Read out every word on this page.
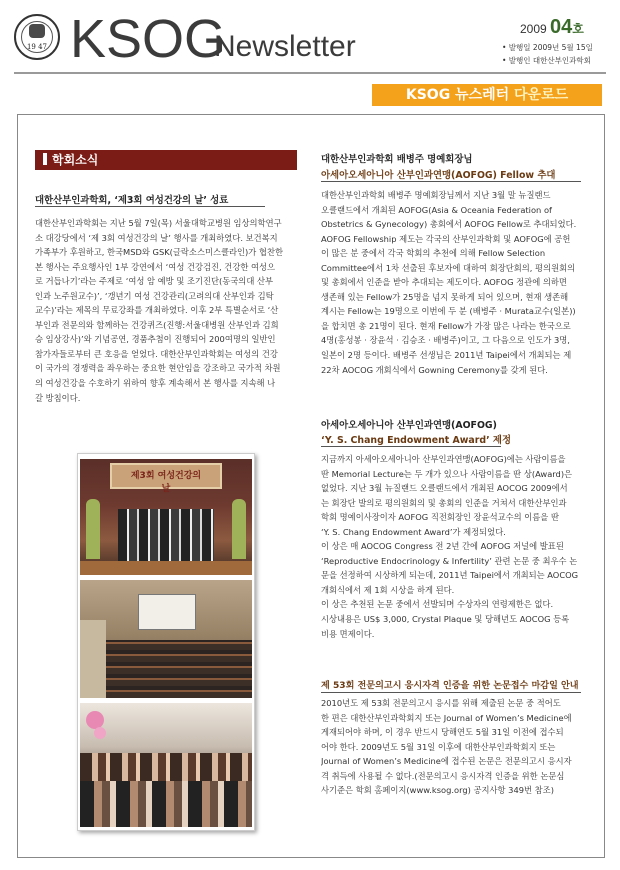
19 47 KSOG
Newsletter
2009 04호
• 발행일 2009년 5월 15일
• 발행인 대한산부인과학회
KSOG 뉴스레터 다운로드
학회소식
대한산부인과학회, ‘제3회 여성건강의 날’ 성료
대한산부인과학회는 지난 5월 7일(목) 서울대학교병원 임상의학연구
소 대강당에서 ‘제 3회 여성건강의 날’ 행사를 개최하였다. 보건복지
가족부가 후원하고, 한국MSD와 GSK(글락소스미스클라인)가 협찬한
본 행사는 주요행사인 1부 강연에서 ‘여성 건강검진, 건강한 여성으
로 거듭나기’라는 주제로 ‘여성 암 예방 및 조기진단(동국의대 산부
인과 노주원교수)’, ‘갱년기 여성 건강관리(고려의대 산부인과 김탁
교수)’라는 제목의 무료강좌를 개최하였다. 이후 2부 특별순서로 ‘산
부인과 전문의와 함께하는 건강퀴즈(진행:서울대병원 산부인과 김희
승 임상강사)’와 기념공연, 경품추첨이 진행되어 200여명의 일반인
참가자들로부터 큰 호응을 얻었다. 대한산부인과학회는 여성의 건강
이 국가의 경쟁력을 좌우하는 중요한 현안임을 강조하고 국가적 차원
의 여성건강을 수호하기 위하여 향후 계속해서 본 행사를 지속해 나
갈 방침이다.
제3회 여성건강의 날
대한산부인과학회 배병주 명예회장님
아세아오세아니아 산부인과연맹(AOFOG) Fellow 추대
대한산부인과학회 배병주 명예회장님께서 지난 3월 말 뉴질랜드
오클랜드에서 개최된 AOFOG(Asia & Oceania Federation of
Obstetrics & Gynecology) 총회에서 AOFOG Fellow로 추대되었다.
AOFOG Fellowship 제도는 각국의 산부인과학회 및 AOFOG에 공헌
이 많은 분 중에서 각국 학회의 추천에 의해 Fellow Selection
Committee에서 1차 선출된 후보자에 대하여 회장단회의, 평의원회의
및 총회에서 인준을 받아 추대되는 제도이다. AOFOG 정관에 의하면
생존해 있는 Fellow가 25명을 넘지 못하게 되어 있으며, 현재 생존해
계시는 Fellow는 19명으로 이번에 두 분 (배병주 · Murata교수(일본))
을 합치면 총 21명이 된다. 현재 Fellow가 가장 많은 나라는 한국으로
4명(홍성봉 · 장윤석 · 김승조 · 배병주)이고, 그 다음으로 인도가 3명,
일본이 2명 등이다. 배병주 선생님은 2011년 Taipei에서 개최되는 제
22차 AOCOG 개회식에서 Gowning Ceremony를 갖게 된다.
아세아오세아니아 산부인과연맹(AOFOG)
‘Y. S. Chang Endowment Award’ 제정
지금까지 아세아오세아니아 산부인과연맹(AOFOG)에는 사람이름을
딴 Memorial Lecture는 두 개가 있으나 사람이름을 딴 상(Award)은
없었다. 지난 3월 뉴질랜드 오클랜드에서 개최된 AOCOG 2009에서
는 회장단 발의로 평의원회의 및 총회의 인준을 거쳐서 대한산부인과
학회 명예이사장이자 AOFOG 직전회장인 장윤석교수의 이름을 딴
‘Y. S. Chang Endowment Award’가 제정되었다.
이 상은 매 AOCOG Congress 전 2년 간에 AOFOG 저널에 발표된
‘Reproductive Endocrinology & Infertility’ 관련 논문 중 최우수 논
문을 선정하여 시상하게 되는데, 2011년 Taipei에서 개최되는 AOCOG
개회식에서 제 1회 시상을 하게 된다.
이 상은 추천된 논문 중에서 선발되며 수상자의 연령제한은 없다.
시상내용은 US$ 3,000, Crystal Plaque 및 당해년도 AOCOG 등록
비용 면제이다.
제 53회 전문의고시 응시자격 인증을 위한 논문접수 마감일 안내
2010년도 제 53회 전문의고시 응시를 위해 제출된 논문 중 적어도
한 편은 대한산부인과학회지 또는 Journal of Women’s Medicine에
게재되어야 하며, 이 경우 반드시 당해연도 5월 31일 이전에 접수되
어야 한다. 2009년도 5월 31일 이후에 대한산부인과학회지 또는
Journal of Women’s Medicine에 접수된 논문은 전문의고시 응시자
격 취득에 사용될 수 없다.(전문의고시 응시자격 인증을 위한 논문심
사기준은 학회 홈페이지(www.ksog.org) 공지사항 349번 참조)
